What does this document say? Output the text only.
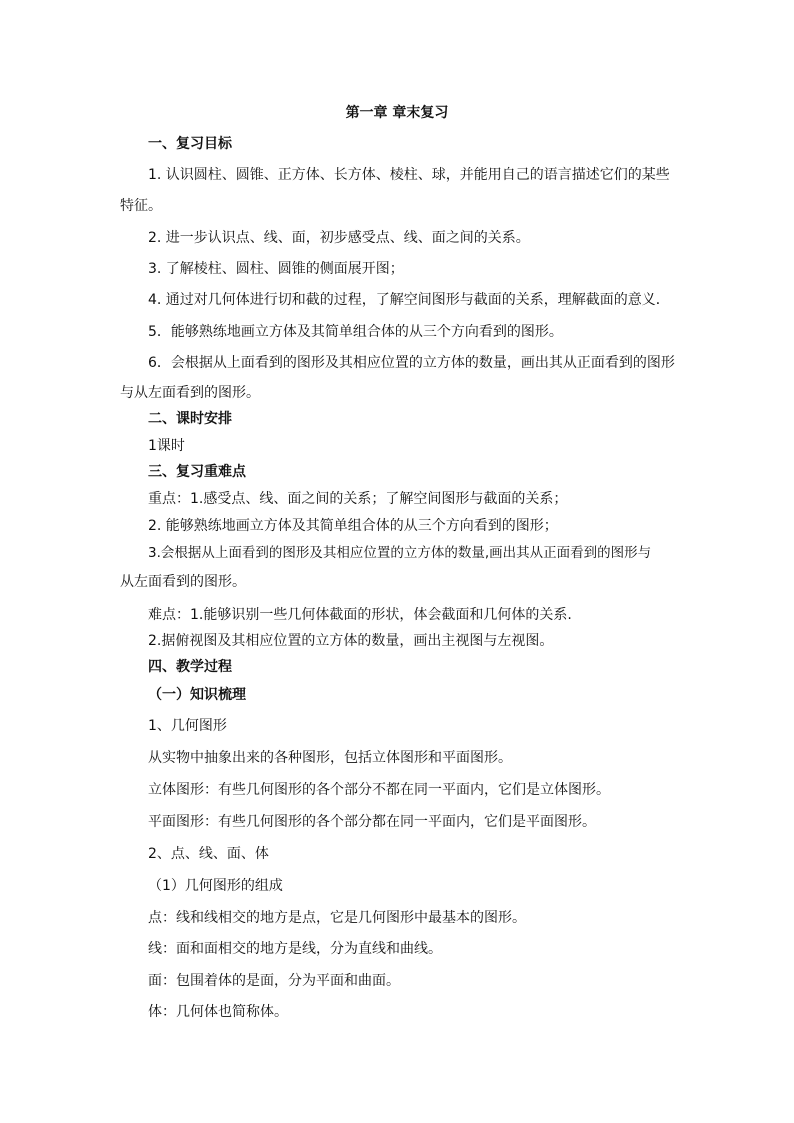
第一章 章末复习
一、复习目标
1. 认识圆柱、圆锥、正方体、长方体、棱柱、球，并能用自己的语言描述它们的某些
特征。
2. 进一步认识点、线、面，初步感受点、线、面之间的关系。
3. 了解棱柱、圆柱、圆锥的侧面展开图；
4. 通过对几何体进行切和截的过程，了解空间图形与截面的关系，理解截面的意义．
5．能够熟练地画立方体及其简单组合体的从三个方向看到的图形。
6．会根据从上面看到的图形及其相应位置的立方体的数量，画出其从正面看到的图形
与从左面看到的图形。
二、课时安排
1课时
三、复习重难点
重点：1.感受点、线、面之间的关系；了解空间图形与截面的关系；
2. 能够熟练地画立方体及其简单组合体的从三个方向看到的图形；
3.会根据从上面看到的图形及其相应位置的立方体的数量,画出其从正面看到的图形与
从左面看到的图形。
难点：1.能够识别一些几何体截面的形状，体会截面和几何体的关系.
2.据俯视图及其相应位置的立方体的数量，画出主视图与左视图。
四、教学过程
（一）知识梳理
1、几何图形
从实物中抽象出来的各种图形，包括立体图形和平面图形。
立体图形：有些几何图形的各个部分不都在同一平面内，它们是立体图形。
平面图形：有些几何图形的各个部分都在同一平面内，它们是平面图形。
2、点、线、面、体
（1）几何图形的组成
点：线和线相交的地方是点，它是几何图形中最基本的图形。
线：面和面相交的地方是线，分为直线和曲线。
面：包围着体的是面，分为平面和曲面。
体：几何体也简称体。
